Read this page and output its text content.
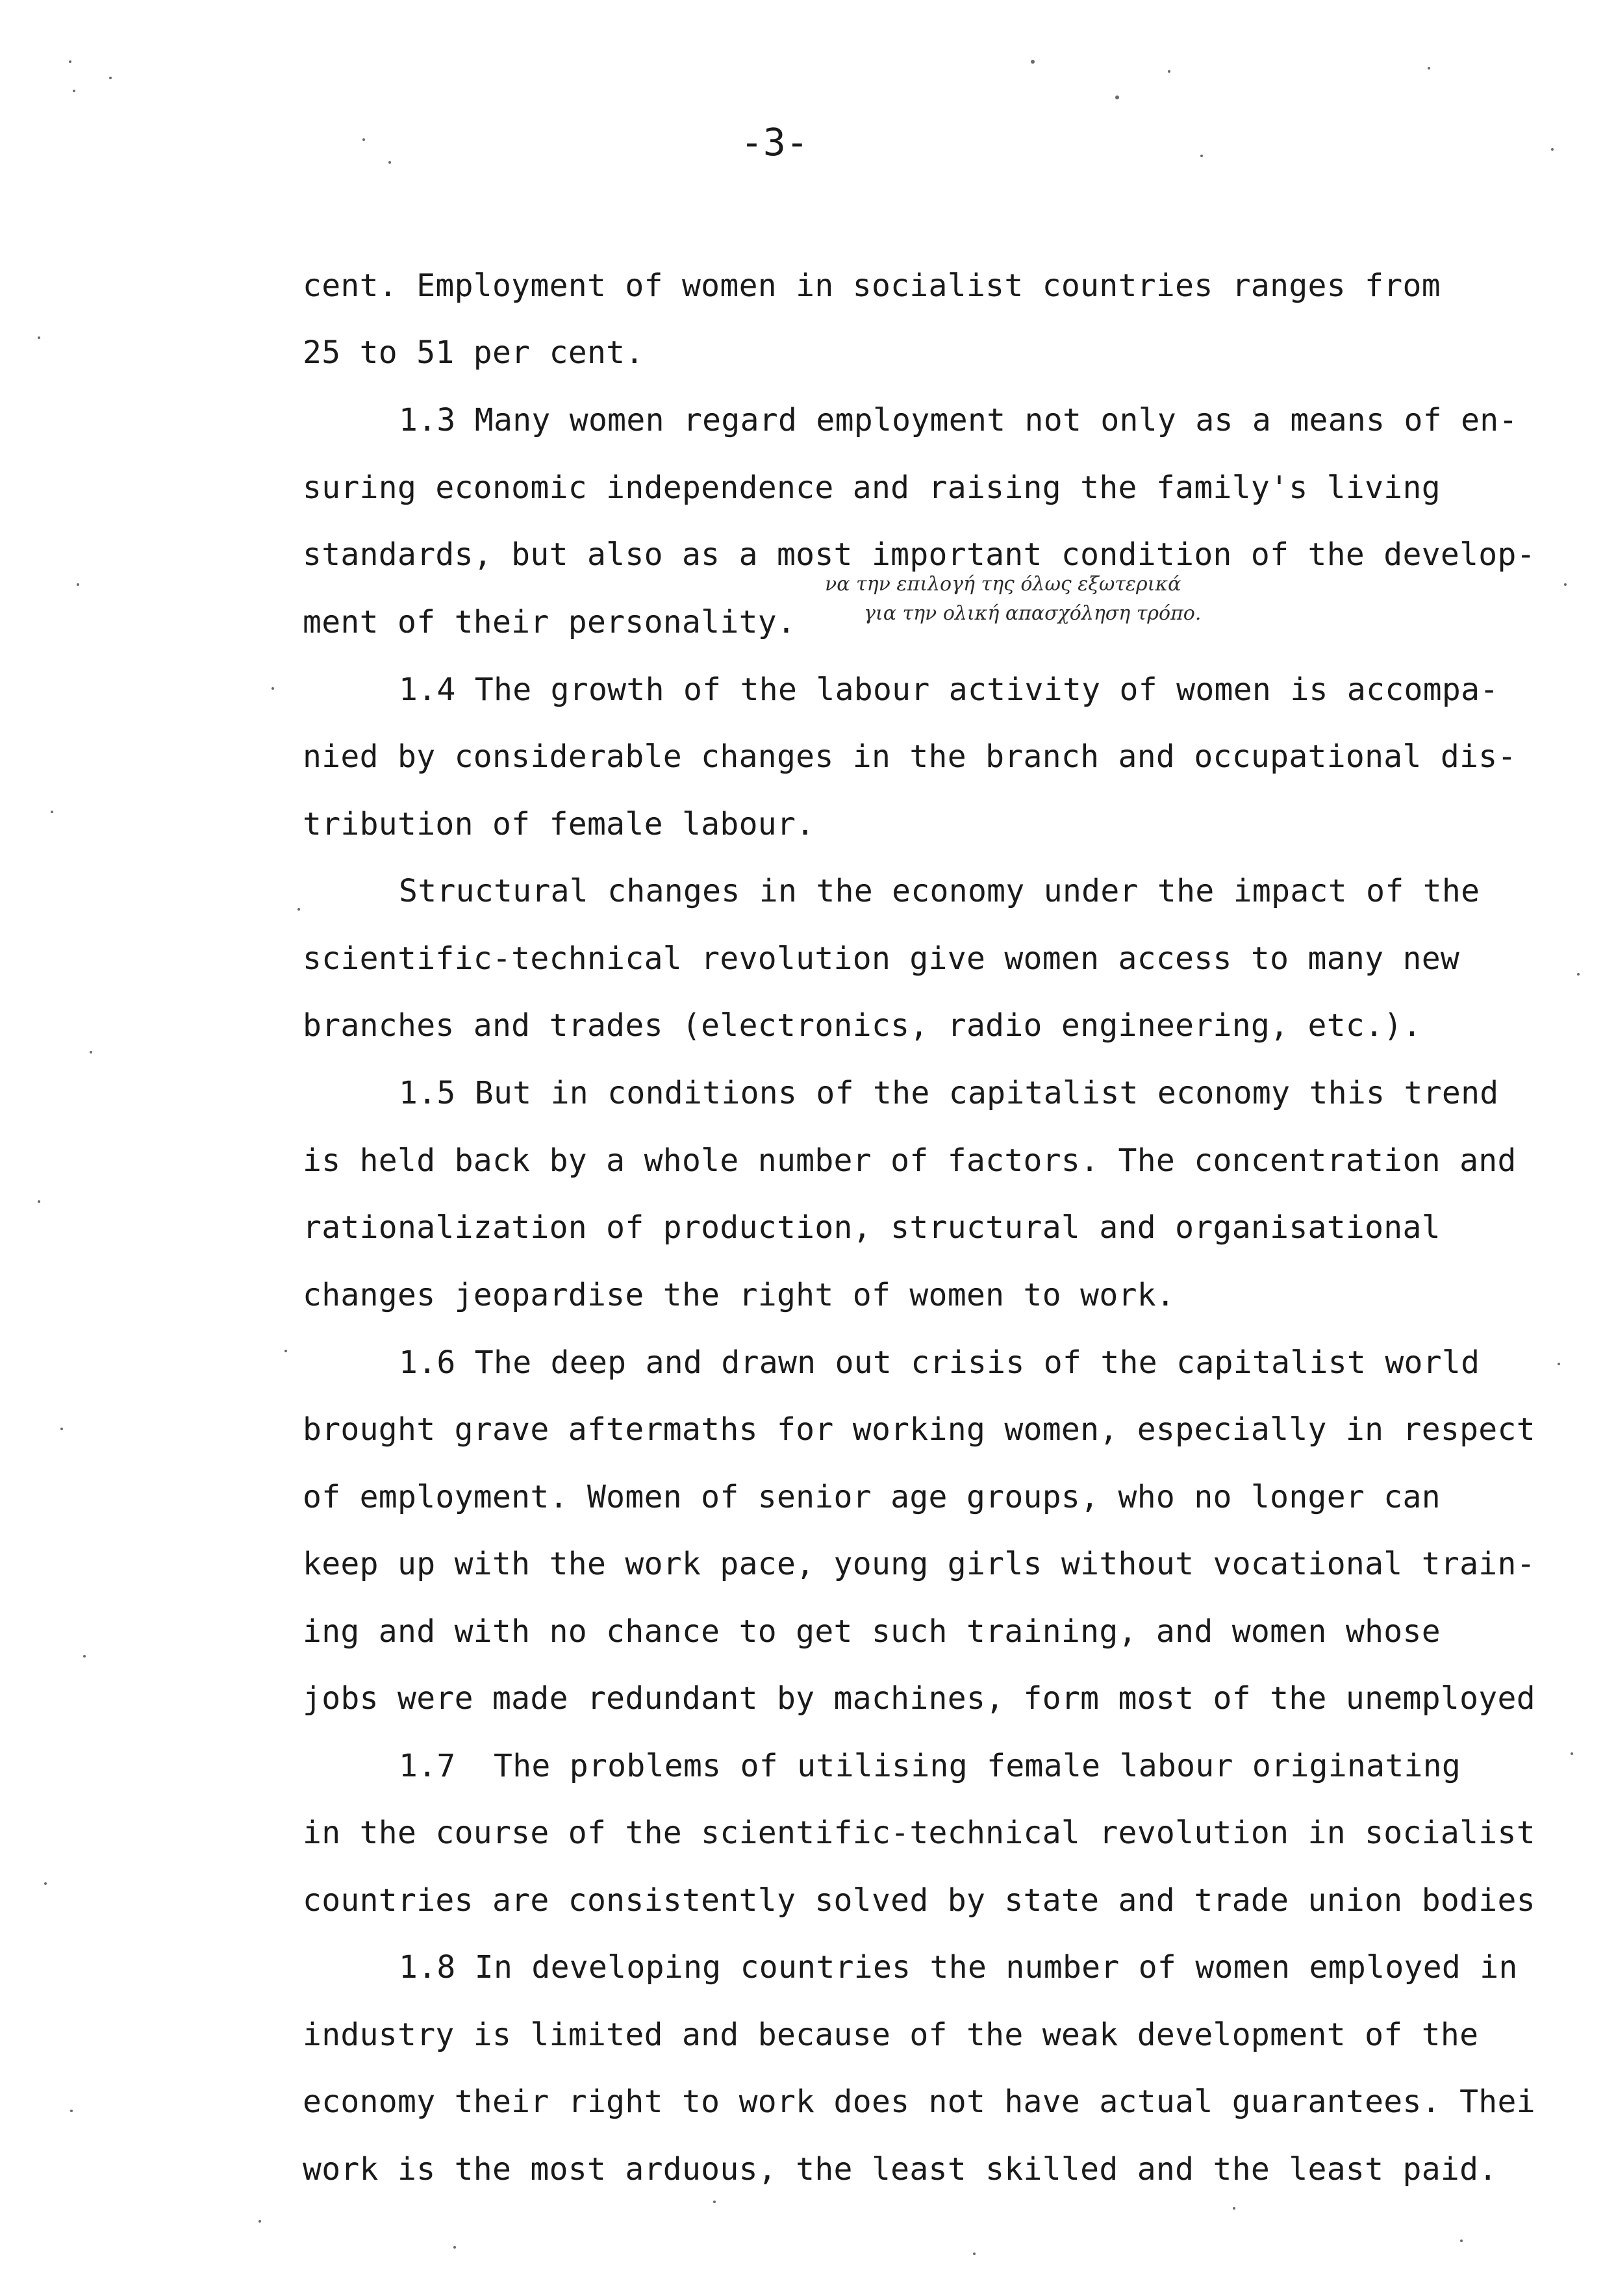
-3-
cent. Employment of women in socialist countries ranges from
25 to 51 per cent.
1.3 Many women regard employment not only as a means of en-
suring economic independence and raising the family's living
standards, but also as a most important condition of the develop-
ment of their personality.
να την επιλογή της όλως εξωτερικά
για την ολική απασχόληση τρόπο.
1.4 The growth of the labour activity of women is accompa-
nied by considerable changes in the branch and occupational dis-
tribution of female labour.
Structural changes in the economy under the impact of the
scientific-technical revolution give women access to many new
branches and trades (electronics, radio engineering, etc.).
1.5 But in conditions of the capitalist economy this trend
is held back by a whole number of factors. The concentration and
rationalization of production, structural and organisational
changes jeopardise the right of women to work.
1.6 The deep and drawn out crisis of the capitalist world
brought grave aftermaths for working women, especially in respect
of employment. Women of senior age groups, who no longer can
keep up with the work pace, young girls without vocational train-
ing and with no chance to get such training, and women whose
jobs were made redundant by machines, form most of the unemployed
1.7  The problems of utilising female labour originating
in the course of the scientific-technical revolution in socialist
countries are consistently solved by state and trade union bodies
1.8 In developing countries the number of women employed in
industry is limited and because of the weak development of the
economy their right to work does not have actual guarantees. Thei
work is the most arduous, the least skilled and the least paid.
